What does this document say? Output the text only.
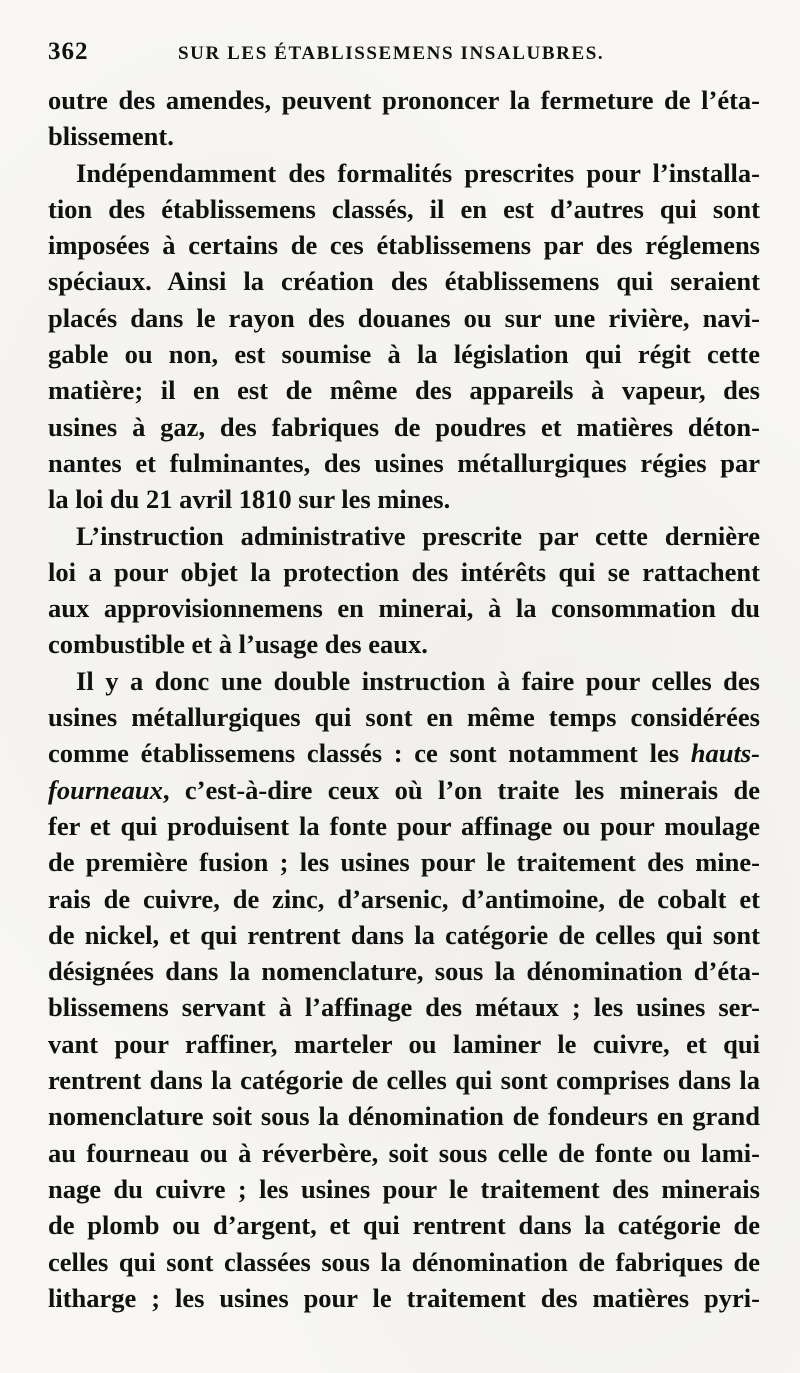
362	SUR LES ÉTABLISSEMENS INSALUBRES.
outre des amendes, peuvent prononcer la fermeture de l’éta-
blissement.
Indépendamment des formalités prescrites pour l’installa-
tion des établissemens classés, il en est d’autres qui sont
imposées à certains de ces établissemens par des réglemens
spéciaux. Ainsi la création des établissemens qui seraient
placés dans le rayon des douanes ou sur une rivière, navi-
gable ou non, est soumise à la législation qui régit cette
matière; il en est de même des appareils à vapeur, des
usines à gaz, des fabriques de poudres et matières déton-
nantes et fulminantes, des usines métallurgiques régies par
la loi du 21 avril 1810 sur les mines.
L’instruction administrative prescrite par cette dernière
loi a pour objet la protection des intérêts qui se rattachent
aux approvisionnemens en minerai, à la consommation du
combustible et à l’usage des eaux.
Il y a donc une double instruction à faire pour celles des
usines métallurgiques qui sont en même temps considérées
comme établissemens classés : ce sont notamment les hauts-
fourneaux, c’est-à-dire ceux où l’on traite les minerais de
fer et qui produisent la fonte pour affinage ou pour moulage
de première fusion ; les usines pour le traitement des mine-
rais de cuivre, de zinc, d’arsenic, d’antimoine, de cobalt et
de nickel, et qui rentrent dans la catégorie de celles qui sont
désignées dans la nomenclature, sous la dénomination d’éta-
blissemens servant à l’affinage des métaux ; les usines ser-
vant pour raffiner, marteler ou laminer le cuivre, et qui
rentrent dans la catégorie de celles qui sont comprises dans la
nomenclature soit sous la dénomination de fondeurs en grand
au fourneau ou à réverbère, soit sous celle de fonte ou lami-
nage du cuivre ; les usines pour le traitement des minerais
de plomb ou d’argent, et qui rentrent dans la catégorie de
celles qui sont classées sous la dénomination de fabriques de
litharge ; les usines pour le traitement des matières pyri-
